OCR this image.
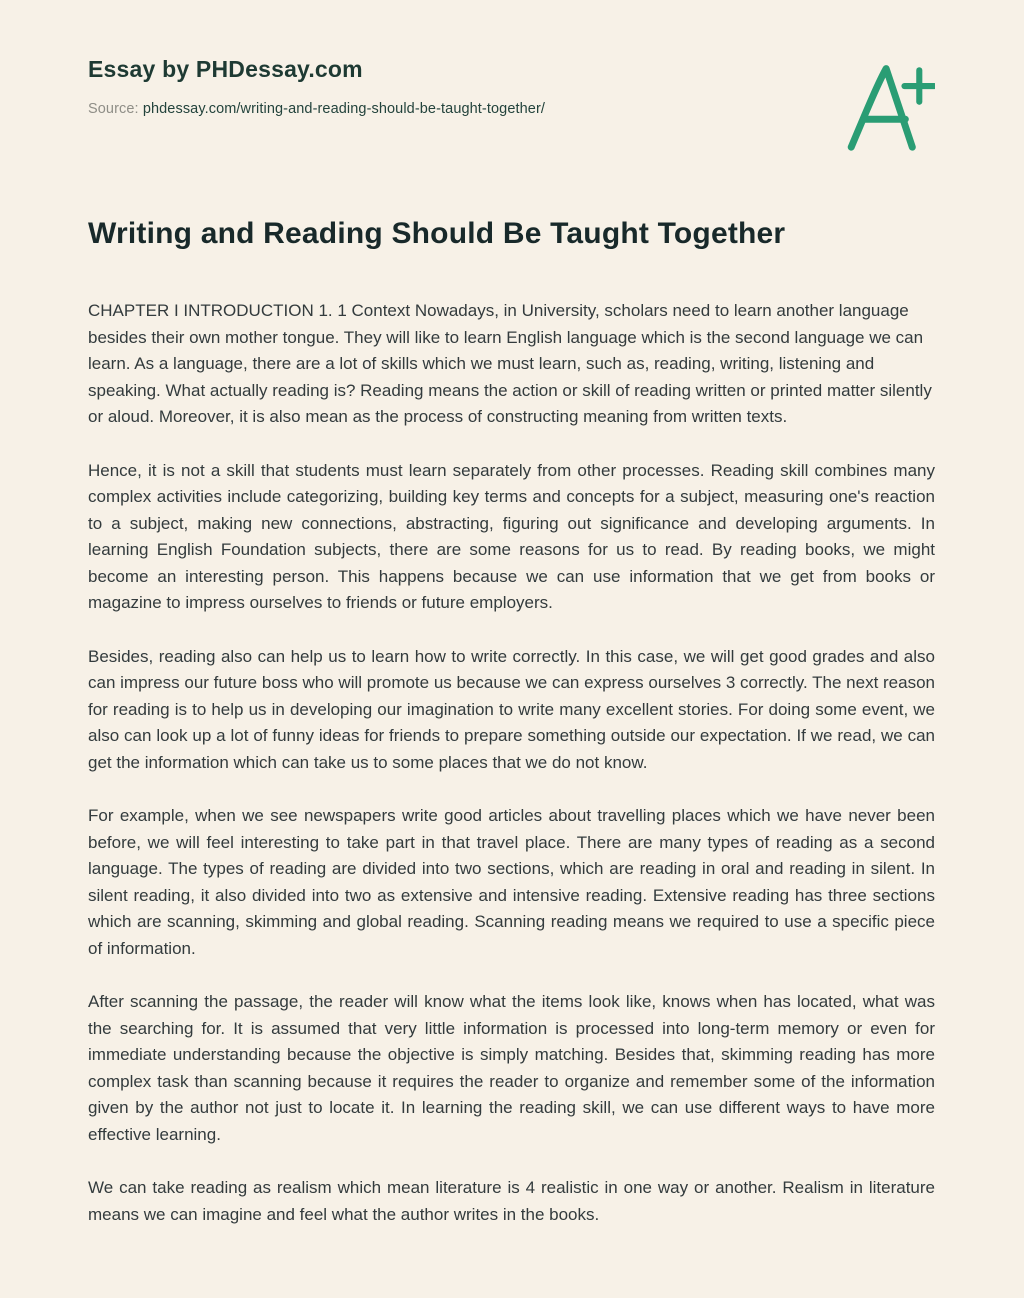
Essay by PHDessay.com
Source: phdessay.com/writing-and-reading-should-be-taught-together/
Writing and Reading Should Be Taught Together

CHAPTER I INTRODUCTION 1. 1 Context Nowadays, in University, scholars need to learn another language besides their own mother tongue. They will like to learn English language which is the second language we can learn. As a language, there are a lot of skills which we must learn, such as, reading, writing, listening and speaking. What actually reading is? Reading means the action or skill of reading written or printed matter silently or aloud. Moreover, it is also mean as the process of constructing meaning from written texts.

Hence, it is not a skill that students must learn separately from other processes. Reading skill combines many complex activities include categorizing, building key terms and concepts for a subject, measuring one's reaction to a subject, making new connections, abstracting, figuring out significance and developing arguments. In learning English Foundation subjects, there are some reasons for us to read. By reading books, we might become an interesting person. This happens because we can use information that we get from books or magazine to impress ourselves to friends or future employers.

Besides, reading also can help us to learn how to write correctly. In this case, we will get good grades and also can impress our future boss who will promote us because we can express ourselves 3 correctly. The next reason for reading is to help us in developing our imagination to write many excellent stories. For doing some event, we also can look up a lot of funny ideas for friends to prepare something outside our expectation. If we read, we can get the information which can take us to some places that we do not know.

For example, when we see newspapers write good articles about travelling places which we have never been before, we will feel interesting to take part in that travel place. There are many types of reading as a second language. The types of reading are divided into two sections, which are reading in oral and reading in silent. In silent reading, it also divided into two as extensive and intensive reading. Extensive reading has three sections which are scanning, skimming and global reading. Scanning reading means we required to use a specific piece of information.

After scanning the passage, the reader will know what the items look like, knows when has located, what was the searching for. It is assumed that very little information is processed into long-term memory or even for immediate understanding because the objective is simply matching. Besides that, skimming reading has more complex task than scanning because it requires the reader to organize and remember some of the information given by the author not just to locate it. In learning the reading skill, we can use different ways to have more effective learning.

We can take reading as realism which mean literature is 4 realistic in one way or another. Realism in literature means we can imagine and feel what the author writes in the books.
